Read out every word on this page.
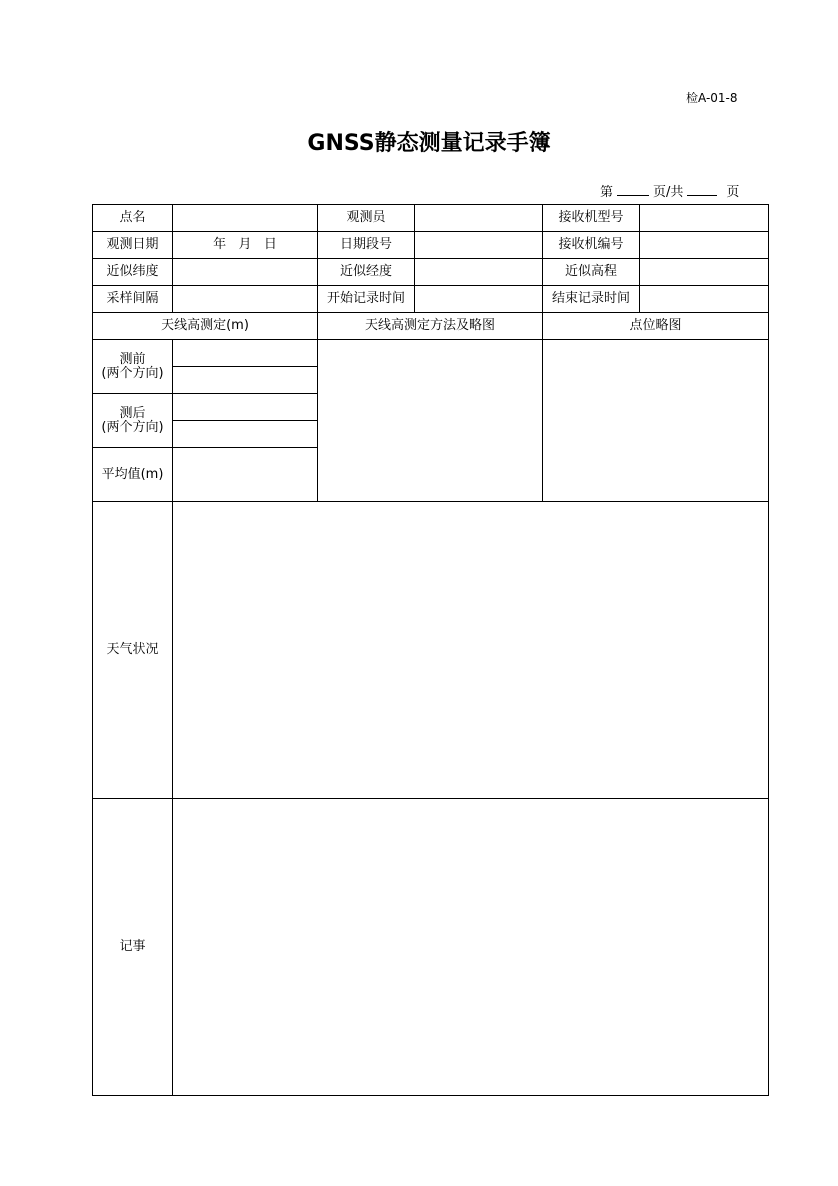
检A-01-8
GNSS静态测量记录手簿
第	页/共	页
点名		观测员		接收机型号	
观测日期	年   月   日	日期段号		接收机编号	
近似纬度		近似经度		近似高程	
采样间隔		开始记录时间		结束记录时间	
天线高测定(m)		天线高测定方法及略图		点位略图	
测前
(两个方向)					

测后
(两个方向)					

平均值(m)					
天气状况					
记事					
